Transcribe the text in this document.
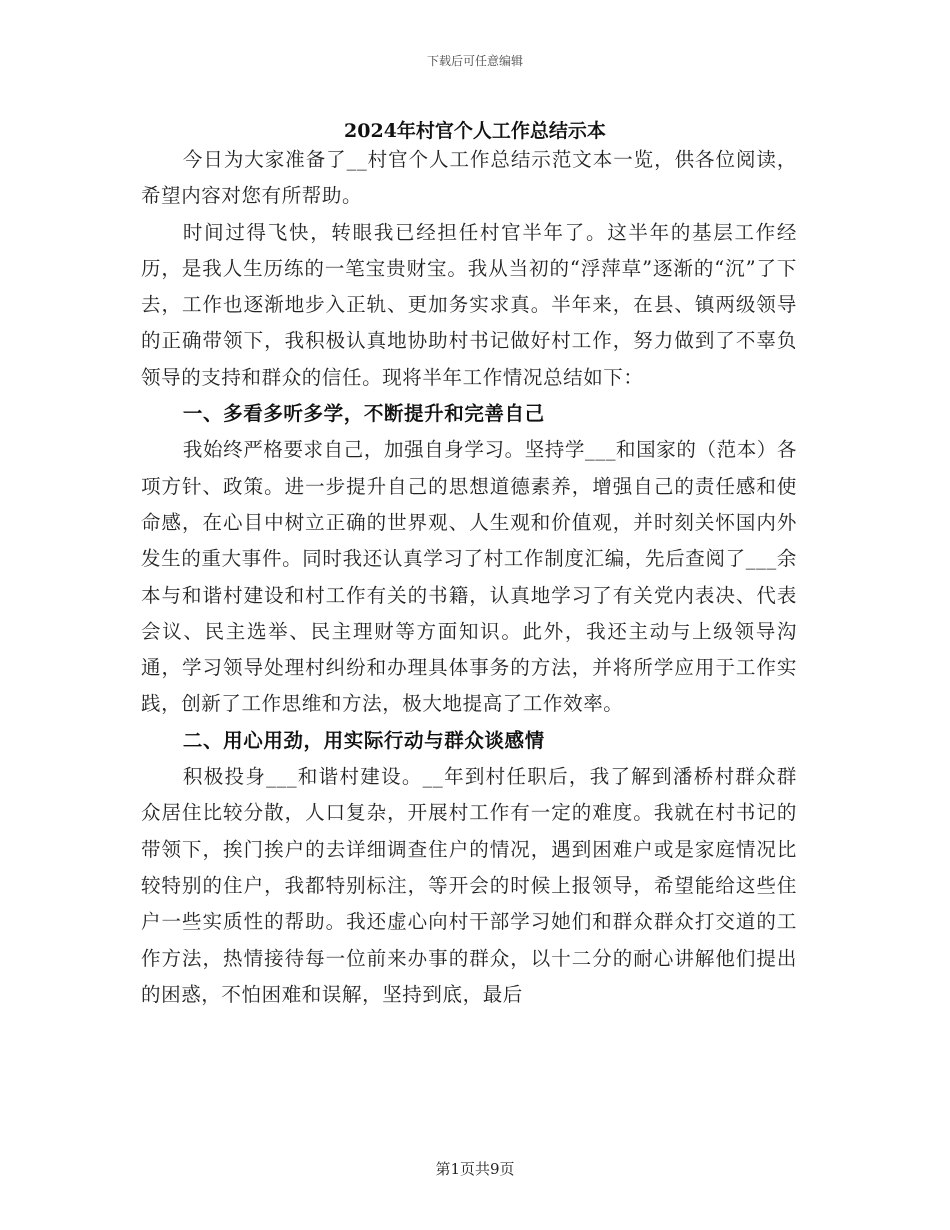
下载后可任意编辑
2024年村官个人工作总结示本

今日为大家准备了__村官个人工作总结示范文本一览，供各位阅读，希望内容对您有所帮助。

时间过得飞快，转眼我已经担任村官半年了。这半年的基层工作经历，是我人生历练的一笔宝贵财宝。我从当初的“浮萍草”逐渐的“沉”了下去，工作也逐渐地步入正轨、更加务实求真。半年来，在县、镇两级领导的正确带领下，我积极认真地协助村书记做好村工作，努力做到了不辜负领导的支持和群众的信任。现将半年工作情况总结如下：

一、多看多听多学，不断提升和完善自己

我始终严格要求自己，加强自身学习。坚持学___和国家的（范本）各项方针、政策。进一步提升自己的思想道德素养，增强自己的责任感和使命感，在心目中树立正确的世界观、人生观和价值观，并时刻关怀国内外发生的重大事件。同时我还认真学习了村工作制度汇编，先后查阅了___余本与和谐村建设和村工作有关的书籍，认真地学习了有关党内表决、代表会议、民主选举、民主理财等方面知识。此外，我还主动与上级领导沟通，学习领导处理村纠纷和办理具体事务的方法，并将所学应用于工作实践，创新了工作思维和方法，极大地提高了工作效率。

二、用心用劲，用实际行动与群众谈感情

积极投身___和谐村建设。__年到村任职后，我了解到潘桥村群众群众居住比较分散，人口复杂，开展村工作有一定的难度。我就在村书记的带领下，挨门挨户的去详细调查住户的情况，遇到困难户或是家庭情况比较特别的住户，我都特别标注，等开会的时候上报领导，希望能给这些住户一些实质性的帮助。我还虚心向村干部学习她们和群众群众打交道的工作方法，热情接待每一位前来办事的群众，以十二分的耐心讲解他们提出的困惑，不怕困难和误解，坚持到底，最后

第1页共9页
